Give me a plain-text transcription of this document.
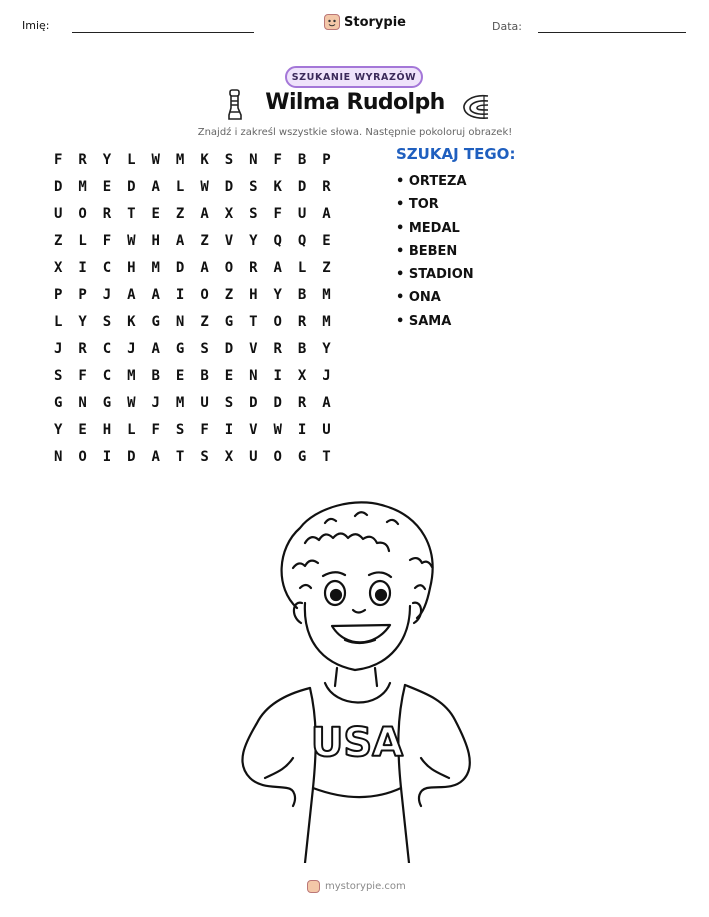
Imię:	Storypie	Data:
SZUKANIE WYRAZÓW
Wilma Rudolph
Znajdź i zakreśl wszystkie słowa. Następnie pokoloruj obrazek!
F	R	Y	L	W	M	K	S	N	F	B	P
D	M	E	D	A	L	W	D	S	K	D	R
U	O	R	T	E	Z	A	X	S	F	U	A
Z	L	F	W	H	A	Z	V	Y	Q	Q	E
X	I	C	H	M	D	A	O	R	A	L	Z
P	P	J	A	A	I	O	Z	H	Y	B	M
L	Y	S	K	G	N	Z	G	T	O	R	M
J	R	C	J	A	G	S	D	V	R	B	Y
S	F	C	M	B	E	B	E	N	I	X	J
G	N	G	W	J	M	U	S	D	D	R	A
Y	E	H	L	F	S	F	I	V	W	I	U
N	O	I	D	A	T	S	X	U	O	G	T
SZUKAJ TEGO:
• ORTEZA
• TOR
• MEDAL
• BEBEN
• STADION
• ONA
• SAMA
USA
mystorypie.com
